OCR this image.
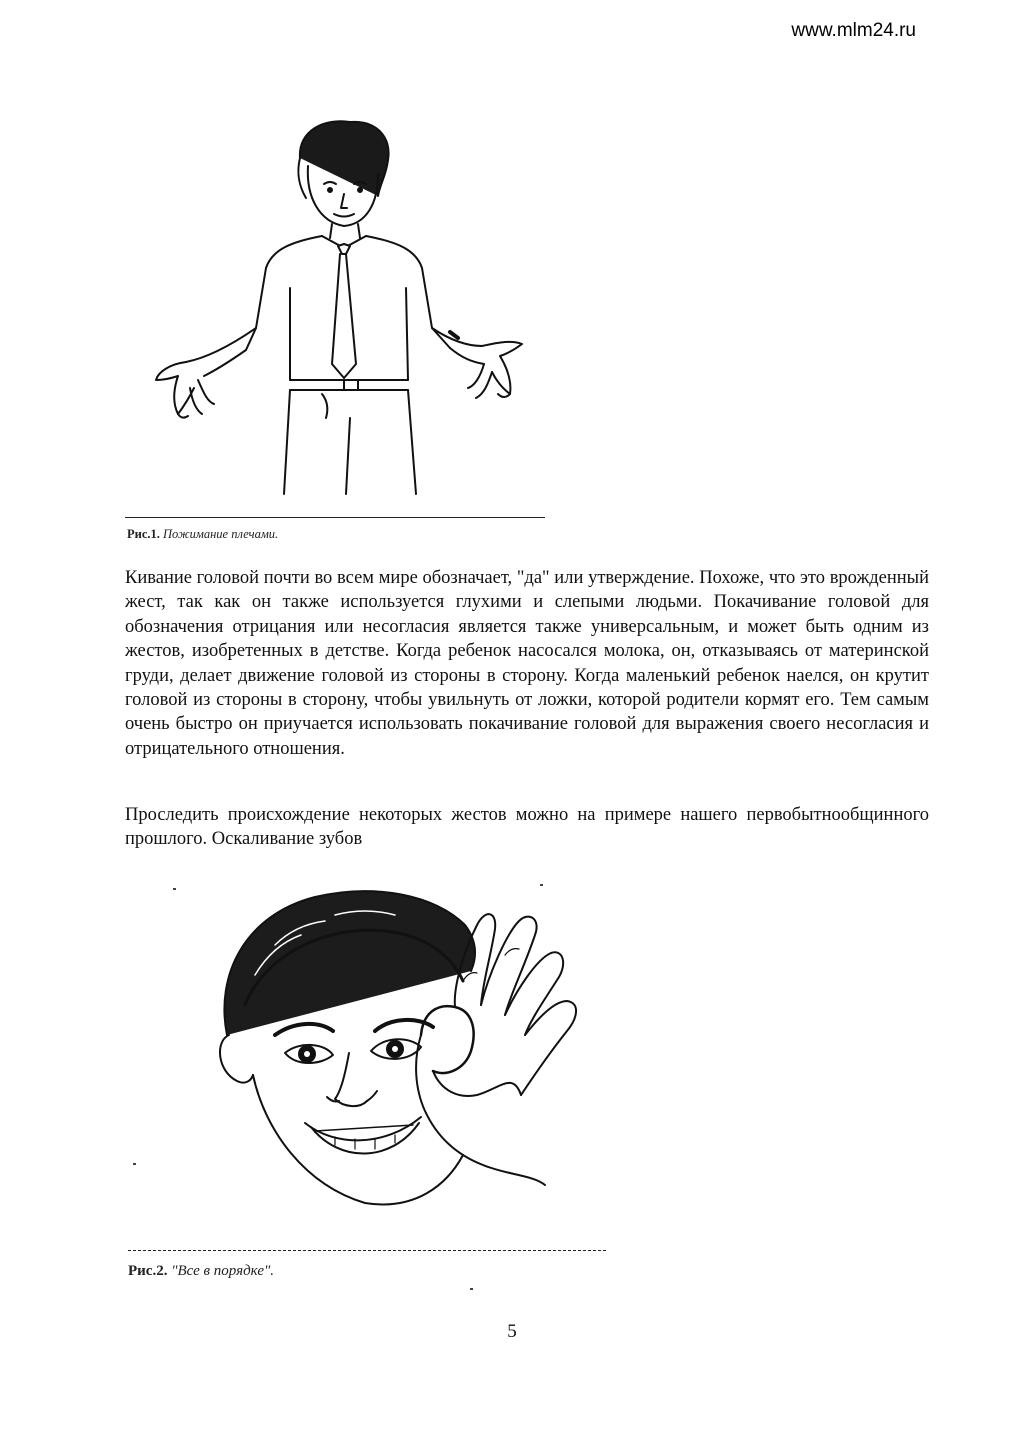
www.mlm24.ru
Рис.1. Пожимание плечами.

Кивание головой почти во всем мире обозначает, "да" или утверждение. Похоже, что это врожденный жест, так как он также используется глухими и слепыми людьми. Покачивание головой для обозначения отрицания или несогласия является также универсальным, и может быть одним из жестов, изобретенных в детстве. Когда ребенок насосался молока, он, отказываясь от материнской груди, делает движение головой из стороны в сторону. Когда маленький ребенок наелся, он крутит головой из стороны в сторону, чтобы увильнуть от ложки, которой родители кормят его. Тем самым очень быстро он приучается использовать покачивание головой для выражения своего несогласия и отрицательного отношения.

Проследить происхождение некоторых жестов можно на примере нашего первобытнообщинного прошлого. Оскаливание зубов

Рис.2. "Все в порядке".
5
